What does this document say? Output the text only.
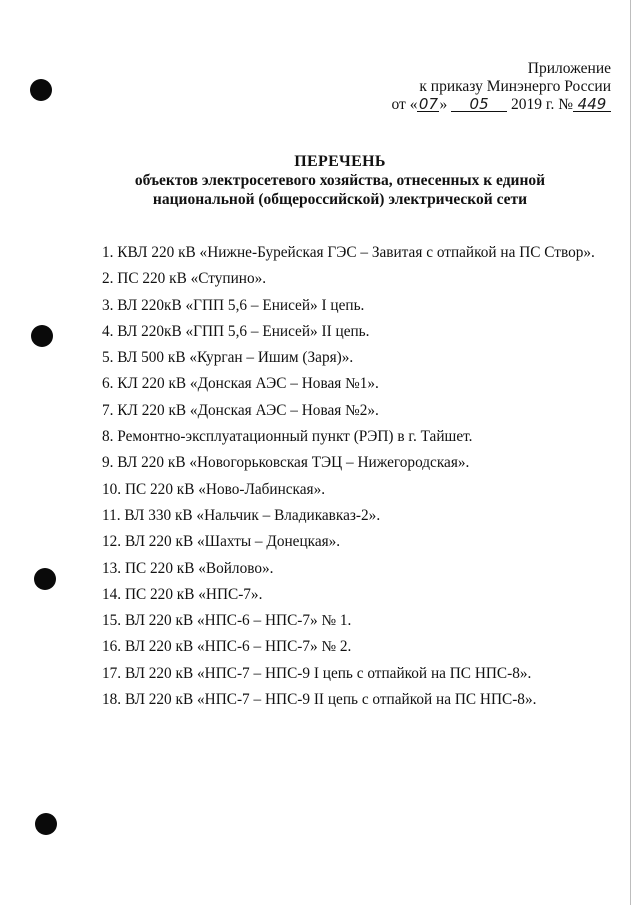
Приложение
к приказу Минэнерго России
от «07» 05 2019 г. № 449
ПЕРЕЧЕНЬ
объектов электросетевого хозяйства, отнесенных к единой
национальной (общероссийской) электрической сети
1. КВЛ 220 кВ «Нижне-Бурейская ГЭС – Завитая с отпайкой на ПС Створ».
2. ПС 220 кВ «Ступино».
3. ВЛ 220кВ «ГПП 5,6 – Енисей» I цепь.
4. ВЛ 220кВ «ГПП 5,6 – Енисей» II цепь.
5. ВЛ 500 кВ «Курган – Ишим (Заря)».
6. КЛ 220 кВ «Донская АЭС – Новая №1».
7. КЛ 220 кВ «Донская АЭС – Новая №2».
8. Ремонтно-эксплуатационный пункт (РЭП) в г. Тайшет.
9. ВЛ 220 кВ «Новогорьковская ТЭЦ – Нижегородская».
10. ПС 220 кВ «Ново-Лабинская».
11. ВЛ 330 кВ «Нальчик – Владикавказ-2».
12. ВЛ 220 кВ «Шахты – Донецкая».
13. ПС 220 кВ «Войлово».
14. ПС 220 кВ «НПС-7».
15. ВЛ 220 кВ «НПС-6 – НПС-7» № 1.
16. ВЛ 220 кВ «НПС-6 – НПС-7» № 2.
17. ВЛ 220 кВ «НПС-7 – НПС-9 I цепь с отпайкой на ПС НПС-8».
18. ВЛ 220 кВ «НПС-7 – НПС-9 II цепь с отпайкой на ПС НПС-8».
